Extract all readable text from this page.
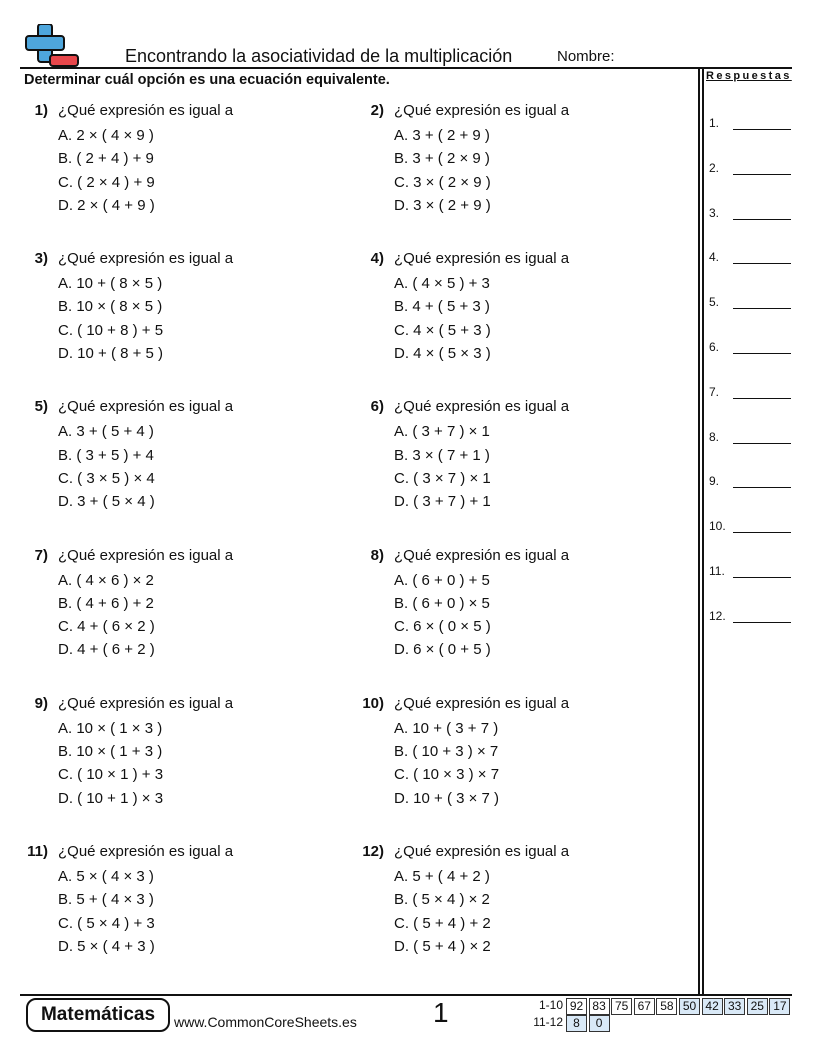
Encontrando la asociatividad de la multiplicación	Nombre:
Determinar cuál opción es una ecuación equivalente.	Respuestas
1.
2.
3.
4.
5.
6.
7.
8.
9.
10.
11.
12.
1) ¿Qué expresión es igual a
A. 2 × ( 4 × 9 )
B. ( 2 + 4 ) + 9
C. ( 2 × 4 ) + 9
D. 2 × ( 4 + 9 )
2) ¿Qué expresión es igual a
A. 3 + ( 2 + 9 )
B. 3 + ( 2 × 9 )
C. 3 × ( 2 × 9 )
D. 3 × ( 2 + 9 )
3) ¿Qué expresión es igual a
A. 10 + ( 8 × 5 )
B. 10 × ( 8 × 5 )
C. ( 10 + 8 ) + 5
D. 10 + ( 8 + 5 )
4) ¿Qué expresión es igual a
A. ( 4 × 5 ) + 3
B. 4 + ( 5 + 3 )
C. 4 × ( 5 + 3 )
D. 4 × ( 5 × 3 )
5) ¿Qué expresión es igual a
A. 3 + ( 5 + 4 )
B. ( 3 + 5 ) + 4
C. ( 3 × 5 ) × 4
D. 3 + ( 5 × 4 )
6) ¿Qué expresión es igual a
A. ( 3 + 7 ) × 1
B. 3 × ( 7 + 1 )
C. ( 3 × 7 ) × 1
D. ( 3 + 7 ) + 1
7) ¿Qué expresión es igual a
A. ( 4 × 6 ) × 2
B. ( 4 + 6 ) + 2
C. 4 + ( 6 × 2 )
D. 4 + ( 6 + 2 )
8) ¿Qué expresión es igual a
A. ( 6 + 0 ) + 5
B. ( 6 + 0 ) × 5
C. 6 × ( 0 × 5 )
D. 6 × ( 0 + 5 )
9) ¿Qué expresión es igual a
A. 10 × ( 1 × 3 )
B. 10 × ( 1 + 3 )
C. ( 10 × 1 ) + 3
D. ( 10 + 1 ) × 3
10) ¿Qué expresión es igual a
A. 10 + ( 3 + 7 )
B. ( 10 + 3 ) × 7
C. ( 10 × 3 ) × 7
D. 10 + ( 3 × 7 )
11) ¿Qué expresión es igual a
A. 5 × ( 4 × 3 )
B. 5 + ( 4 × 3 )
C. ( 5 × 4 ) + 3
D. 5 × ( 4 + 3 )
12) ¿Qué expresión es igual a
A. 5 + ( 4 + 2 )
B. ( 5 × 4 ) × 2
C. ( 5 + 4 ) + 2
D. ( 5 + 4 ) × 2
Matemáticas	www.CommonCoreSheets.es	1	1-10 92 83 75 67 58 50 42 33 25 17
11-12 8	0
